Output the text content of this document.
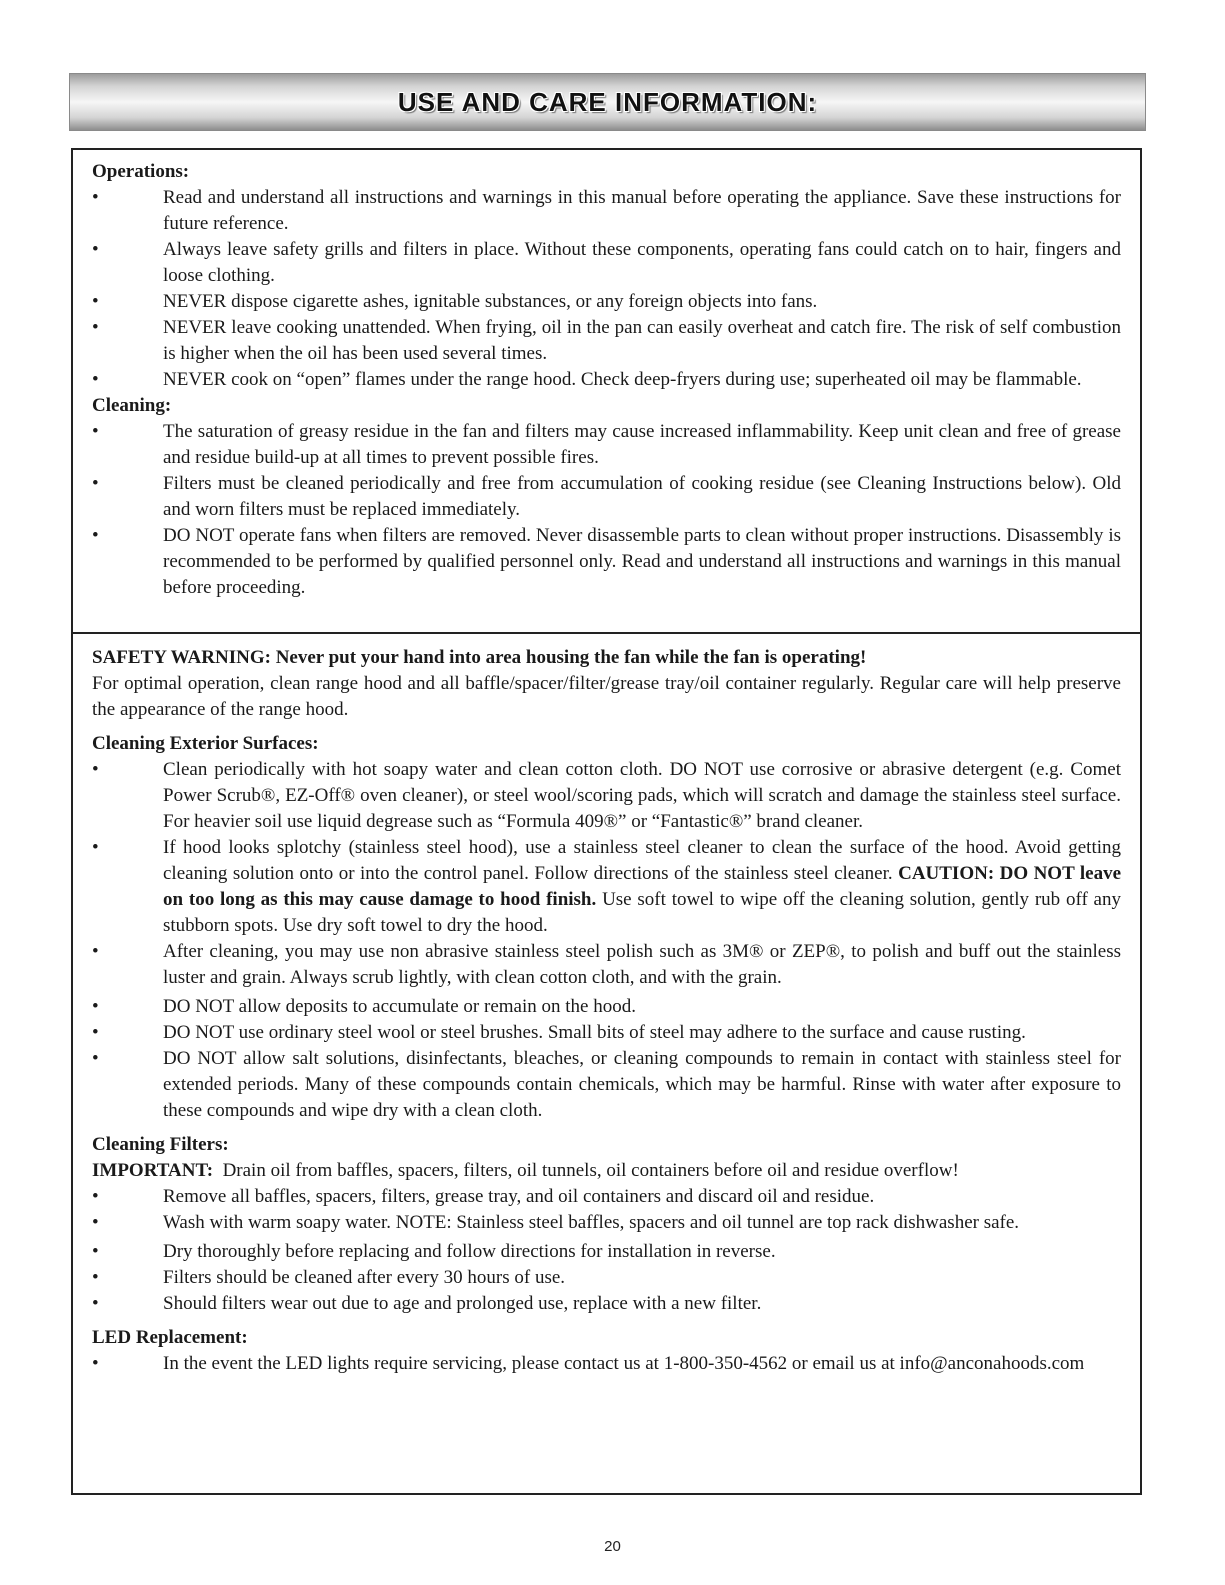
USE AND CARE INFORMATION:

Operations:

•	Read and understand all instructions and warnings in this manual before operating the appliance. Save these instructions for future reference.
•	Always leave safety grills and filters in place. Without these components, operating fans could catch on to hair, fingers and loose clothing.
•	NEVER dispose cigarette ashes, ignitable substances, or any foreign objects into fans.
•	NEVER leave cooking unattended. When frying, oil in the pan can easily overheat and catch fire. The risk of self combustion is higher when the oil has been used several times.
•	NEVER cook on “open” flames under the range hood. Check deep-fryers during use; superheated oil may be flammable.

Cleaning:

•	The saturation of greasy residue in the fan and filters may cause increased inflammability. Keep unit clean and free of grease and residue build-up at all times to prevent possible fires.
•	Filters must be cleaned periodically and free from accumulation of cooking residue (see Cleaning Instructions below). Old and worn filters must be replaced immediately.
•	DO NOT operate fans when filters are removed. Never disassemble parts to clean without proper instructions. Disassembly is recommended to be performed by qualified personnel only. Read and understand all instructions and warnings in this manual before proceeding.

SAFETY WARNING: Never put your hand into area housing the fan while the fan is operating!

For optimal operation, clean range hood and all baffle/spacer/filter/grease tray/oil container regularly. Regular care will help preserve the appearance of the range hood.

Cleaning Exterior Surfaces:

•	Clean periodically with hot soapy water and clean cotton cloth. DO NOT use corrosive or abrasive detergent (e.g. Comet Power Scrub®, EZ-Off® oven cleaner), or steel wool/scoring pads, which will scratch and damage the stainless steel surface. For heavier soil use liquid degrease such as “Formula 409®” or “Fantastic®” brand cleaner.
•	If hood looks splotchy (stainless steel hood), use a stainless steel cleaner to clean the surface of the hood. Avoid getting cleaning solution onto or into the control panel. Follow directions of the stainless steel cleaner. CAUTION: DO NOT leave on too long as this may cause damage to hood finish. Use soft towel to wipe off the cleaning solution, gently rub off any stubborn spots. Use dry soft towel to dry the hood.
•	After cleaning, you may use non abrasive stainless steel polish such as 3M® or ZEP®, to polish and buff out the stainless luster and grain. Always scrub lightly, with clean cotton cloth, and with the grain.
•	DO NOT allow deposits to accumulate or remain on the hood.
•	DO NOT use ordinary steel wool or steel brushes. Small bits of steel may adhere to the surface and cause rusting.
•	DO NOT allow salt solutions, disinfectants, bleaches, or cleaning compounds to remain in contact with stainless steel for extended periods. Many of these compounds contain chemicals, which may be harmful. Rinse with water after exposure to these compounds and wipe dry with a clean cloth.

Cleaning Filters:

IMPORTANT: Drain oil from baffles, spacers, filters, oil tunnels, oil containers before oil and residue overflow!

•	Remove all baffles, spacers, filters, grease tray, and oil containers and discard oil and residue.
•	Wash with warm soapy water. NOTE: Stainless steel baffles, spacers and oil tunnel are top rack dishwasher safe.
•	Dry thoroughly before replacing and follow directions for installation in reverse.
•	Filters should be cleaned after every 30 hours of use.
•	Should filters wear out due to age and prolonged use, replace with a new filter.

LED Replacement:

•	In the event the LED lights require servicing, please contact us at 1-800-350-4562 or email us at info@anconahoods.com
20
